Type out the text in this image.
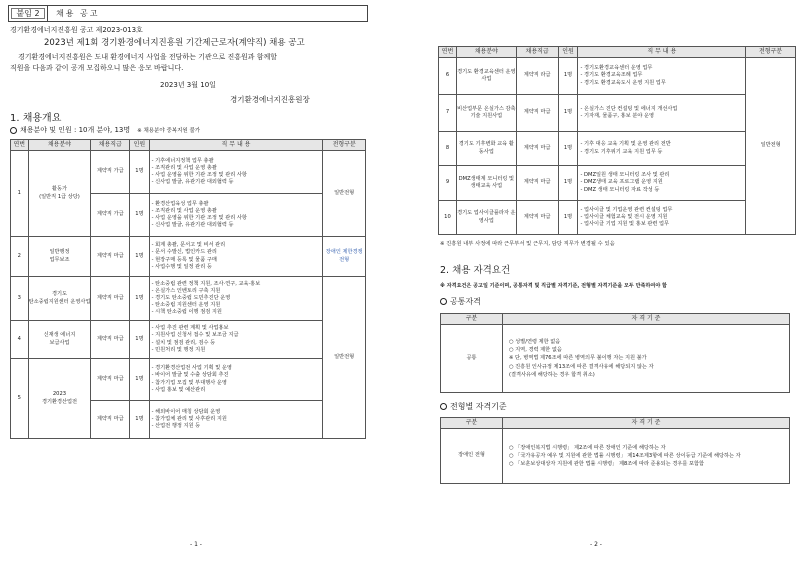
붙임 2	채용 공고
경기환경에너지진흥원 공고 제2023-013호
2023년 제1회 경기환경에너지진흥원 기간제근로자(계약직) 채용 공고
경기환경에너지진흥원은 도내 환경에너지 사업을 전담하는 기관으로 진흥원과 함께할
직원을 다음과 같이 공개 모집하오니 많은 응모 바랍니다.
2023년 3월 10일
경기환경에너지진흥원장
1. 채용개요
채용분야 및 인원 : 10개 분야, 13명 ※ 채용분야 중복지원 불가
연번	채용분야	채용직급	인원	직 무 내 용	전형구분
1	활동가
(일반직 1급 상당)	계약직 가급	1명	- 기후에너지정책 업무 총괄
- 조직관리 및 사업 운영 총괄
- 사업 운영을 위한 기관 조정 및 관리 사항
- 신사업 발굴, 유관기관 대외협력 등	일반전형
		계약직 가급	1명	- 환경산업육성 업무 총괄
- 조직관리 및 사업 운영 총괄
- 사업 운영을 위한 기관 조정 및 관리 사항
- 신사업 발굴, 유관기관 대외협력 등	

2	일반행정
업무보조	계약직 마급	1명	- 회계 총괄, 문서고 및 비서 관리
- 문서 수발신, 법인카드 관리
- 현장구매 등록 및 물품 구매
- 사업수행 및 일정 관리 등	장애인 제한경쟁 전형
3	경기도
탄소중립지원센터 운영사업	계약직 마급	1명	- 탄소중립 관련 정책 지원, 조사·연구, 교육·홍보
- 온실가스 인벤토리 구축 지원
- 경기도 탄소중립 도민추진단 운영
- 탄소중립 지원센터 운영 지원
- 시책 탄소중립 이행 점검 지원	일반전형
4	신재생 에너지
보급사업	계약직 마급	1명	- 사업 추진 관련 계획 및 사업홍보
- 지원사업 신청서 접수 및 보조금 지급
- 설치 및 점검 관리, 검수 등
- 민원처리 및 행정 지원	

5	2023
경기환경산업전	계약직 마급	1명	- 경기환경산업전 사업 기획 및 운영
- 바이어 발굴 및 수출 상담회 추진
- 참가기업 모집 및 부대행사 운영
- 사업 홍보 및 예산관리	

		계약직 마급	1명	- 해외바이어 매칭 상담회 운영
- 참가업체 관리 및 사후관리 지원
- 산업전 행정 지원 등	
- 1 -
연번	채용분야	채용직급	인원	직 무 내 용	전형구분
6	경기도 환경교육센터 운영사업	계약직 라급	1명	- 경기도환경교육센터 운영 업무
- 경기도 환경교육조례 업무
- 경기도 환경교육도시 운영 지원 업무	일반전형
7	비산업부문 온실가스 감축 기술 지원사업	계약직 마급	1명	- 온실가스 진단 컨설팅 및 에너지 개선사업
- 기자재, 물품구, 홍보 분야 운영	

8	경기도 기후변화 교육 활동사업	계약직 마급	1명	- 기후 대응 교육 기획 및 운영 관리 전반
- 경기도 기후위기 교육 지원 업무 등	

9	DMZ생태계 모니터링 및 생태교육 사업	계약직 마급	1명	- DMZ일원 생태 모니터링 조사 및 관리
- DMZ생태 교육 프로그램 운영 지원
- DMZ 생태 모니터링 자료 작성 등	

10	경기도 업사이클플라자 운영사업	계약직 마급	1명	- 업사이클 및 기업운영 관련 컨설팅 업무
- 업사이클 체험교육 및 전시 운영 지원
- 업사이클 기업 지원 및 홍보 관련 업무	
※ 진흥원 내부 사정에 따라 근무부서 및 근무지, 담당 직무가 변경될 수 있음
2. 채용 자격요건
※ 자격요건은 공고일 기준이며, 공통자격 및 직급별 자격기준, 전형별 자격기준을 모두 만족하여야 함
공통자격
구분	자 격 기 준
공통	○ 성별/연령 제한 없음
○ 지역, 경력 제한 없음
※ 단, 병역법 제76조에 따른 병역의무 불이행 자는 지원 불가
○ 진흥원 인사규정 제13조에 따른 결격사유에 해당되지 않는 자
(결격사유에 해당하는 경우 합격 취소)
전형별 자격기준
구분	자 격 기 준
장애인 전형	○ 「장애인복지법 시행령」 제2조에 따른 장애인 기준에 해당하는 자
○ 「국가유공자 예우 및 지원에 관한 법률 시행령」 제14조제3항에 따른 상이등급 기준에 해당하는 자
○ 「보훈보상대상자 지원에 관한 법률 시행령」 제8조에 따라 준용되는 경우를 포함함
- 2 -
